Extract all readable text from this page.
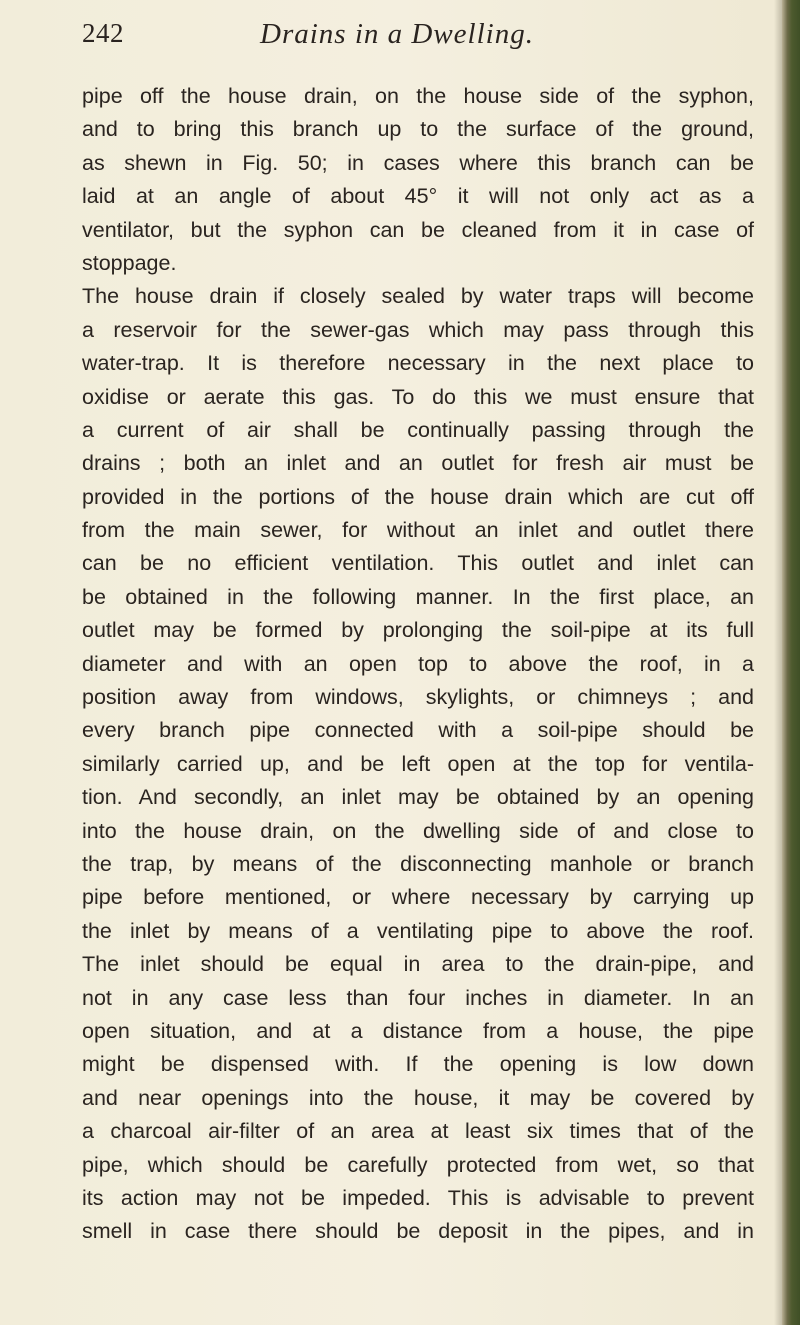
242	Drains in a Dwelling.
pipe off the house drain, on the house side of the syphon,
and to bring this branch up to the surface of the ground,
as shewn in Fig. 50; in cases where this branch can be
laid at an angle of about 45° it will not only act as a
ventilator, but the syphon can be cleaned from it in case of
stoppage.
The house drain if closely sealed by water traps will become
a reservoir for the sewer-gas which may pass through this
water-trap. It is therefore necessary in the next place to
oxidise or aerate this gas. To do this we must ensure that
a current of air shall be continually passing through the
drains ; both an inlet and an outlet for fresh air must be
provided in the portions of the house drain which are cut off
from the main sewer, for without an inlet and outlet there
can be no efficient ventilation. This outlet and inlet can
be obtained in the following manner. In the first place, an
outlet may be formed by prolonging the soil-pipe at its full
diameter and with an open top to above the roof, in a
position away from windows, skylights, or chimneys ; and
every branch pipe connected with a soil-pipe should be
similarly carried up, and be left open at the top for ventila-
tion. And secondly, an inlet may be obtained by an opening
into the house drain, on the dwelling side of and close to
the trap, by means of the disconnecting manhole or branch
pipe before mentioned, or where necessary by carrying up
the inlet by means of a ventilating pipe to above the roof.
The inlet should be equal in area to the drain-pipe, and
not in any case less than four inches in diameter. In an
open situation, and at a distance from a house, the pipe
might be dispensed with. If the opening is low down
and near openings into the house, it may be covered by
a charcoal air-filter of an area at least six times that of the
pipe, which should be carefully protected from wet, so that
its action may not be impeded. This is advisable to prevent
smell in case there should be deposit in the pipes, and in
